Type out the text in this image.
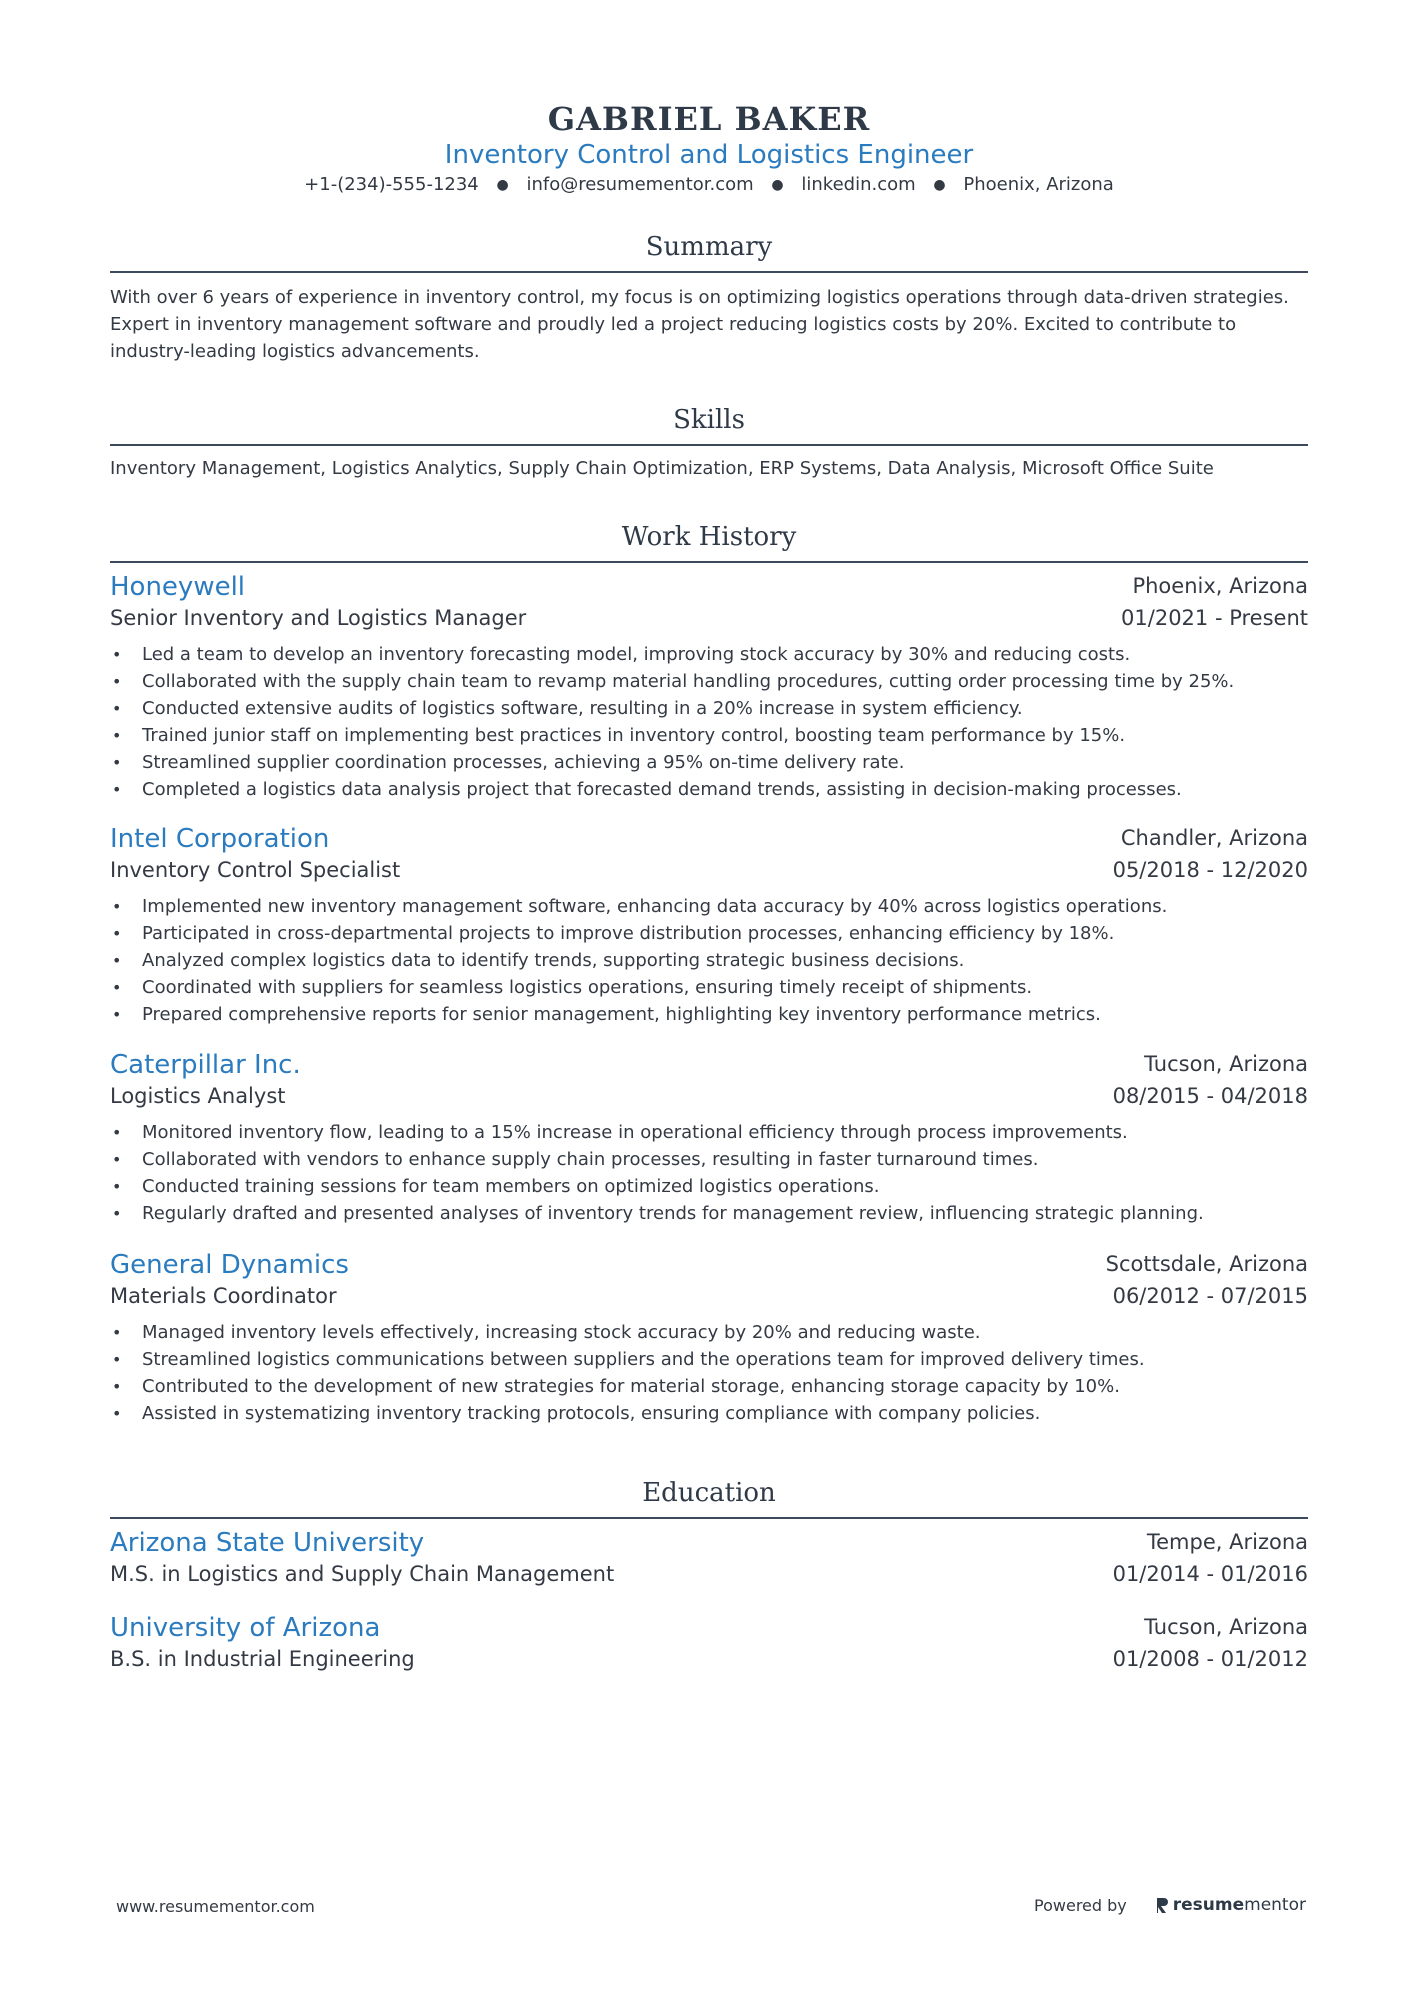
GABRIEL BAKER
Inventory Control and Logistics Engineer
+1-(234)-555-1234 ● info@resumementor.com ● linkedin.com ● Phoenix, Arizona
Summary
With over 6 years of experience in inventory control, my focus is on optimizing logistics operations through data-driven strategies. Expert in inventory management software and proudly led a project reducing logistics costs by 20%. Excited to contribute to industry-leading logistics advancements.
Skills
Inventory Management, Logistics Analytics, Supply Chain Optimization, ERP Systems, Data Analysis, Microsoft Office Suite
Work History
Honeywell	Phoenix, Arizona
Senior Inventory and Logistics Manager	01/2021 - Present
• Led a team to develop an inventory forecasting model, improving stock accuracy by 30% and reducing costs.
• Collaborated with the supply chain team to revamp material handling procedures, cutting order processing time by 25%.
• Conducted extensive audits of logistics software, resulting in a 20% increase in system efficiency.
• Trained junior staff on implementing best practices in inventory control, boosting team performance by 15%.
• Streamlined supplier coordination processes, achieving a 95% on-time delivery rate.
• Completed a logistics data analysis project that forecasted demand trends, assisting in decision-making processes.
Intel Corporation	Chandler, Arizona
Inventory Control Specialist	05/2018 - 12/2020
• Implemented new inventory management software, enhancing data accuracy by 40% across logistics operations.
• Participated in cross-departmental projects to improve distribution processes, enhancing efficiency by 18%.
• Analyzed complex logistics data to identify trends, supporting strategic business decisions.
• Coordinated with suppliers for seamless logistics operations, ensuring timely receipt of shipments.
• Prepared comprehensive reports for senior management, highlighting key inventory performance metrics.
Caterpillar Inc.	Tucson, Arizona
Logistics Analyst	08/2015 - 04/2018
• Monitored inventory flow, leading to a 15% increase in operational efficiency through process improvements.
• Collaborated with vendors to enhance supply chain processes, resulting in faster turnaround times.
• Conducted training sessions for team members on optimized logistics operations.
• Regularly drafted and presented analyses of inventory trends for management review, influencing strategic planning.
General Dynamics	Scottsdale, Arizona
Materials Coordinator	06/2012 - 07/2015
• Managed inventory levels effectively, increasing stock accuracy by 20% and reducing waste.
• Streamlined logistics communications between suppliers and the operations team for improved delivery times.
• Contributed to the development of new strategies for material storage, enhancing storage capacity by 10%.
• Assisted in systematizing inventory tracking protocols, ensuring compliance with company policies.
Education
Arizona State University	Tempe, Arizona
M.S. in Logistics and Supply Chain Management	01/2014 - 01/2016
University of Arizona	Tucson, Arizona
B.S. in Industrial Engineering	01/2008 - 01/2012
www.resumementor.com	Powered by	resume mentor
